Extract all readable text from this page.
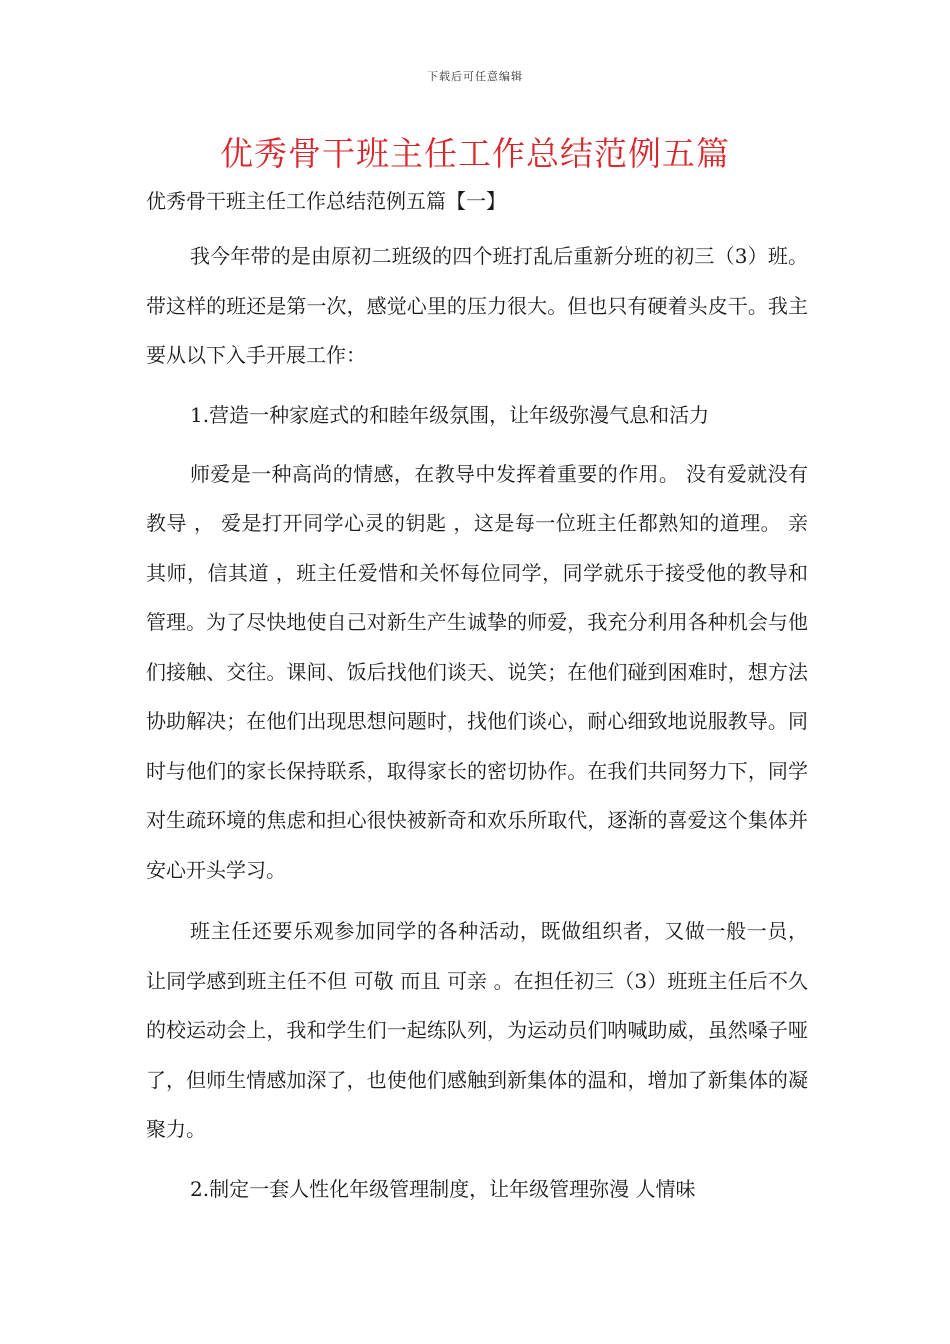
下载后可任意编辑
优秀骨干班主任工作总结范例五篇
优秀骨干班主任工作总结范例五篇【一】

我今年带的是由原初二班级的四个班打乱后重新分班的初三（3）班。带这样的班还是第一次，感觉心里的压力很大。但也只有硬着头皮干。我主要从以下入手开展工作：

1.营造一种家庭式的和睦年级氛围，让年级弥漫气息和活力

师爱是一种高尚的情感，在教导中发挥着重要的作用。 没有爱就没有教导 ， 爱是打开同学心灵的钥匙 ，这是每一位班主任都熟知的道理。 亲其师，信其道 ，班主任爱惜和关怀每位同学，同学就乐于接受他的教导和管理。为了尽快地使自己对新生产生诚挚的师爱，我充分利用各种机会与他们接触、交往。课间、饭后找他们谈天、说笑；在他们碰到困难时，想方法协助解决；在他们出现思想问题时，找他们谈心，耐心细致地说服教导。同时与他们的家长保持联系，取得家长的密切协作。在我们共同努力下，同学对生疏环境的焦虑和担心很快被新奇和欢乐所取代，逐渐的喜爱这个集体并安心开头学习。

班主任还要乐观参加同学的各种活动，既做组织者，又做一般一员，让同学感到班主任不但 可敬 而且 可亲 。在担任初三（3）班班主任后不久的校运动会上，我和学生们一起练队列，为运动员们呐喊助威，虽然嗓子哑了，但师生情感加深了，也使他们感触到新集体的温和，增加了新集体的凝聚力。

2.制定一套人性化年级管理制度，让年级管理弥漫 人情味
